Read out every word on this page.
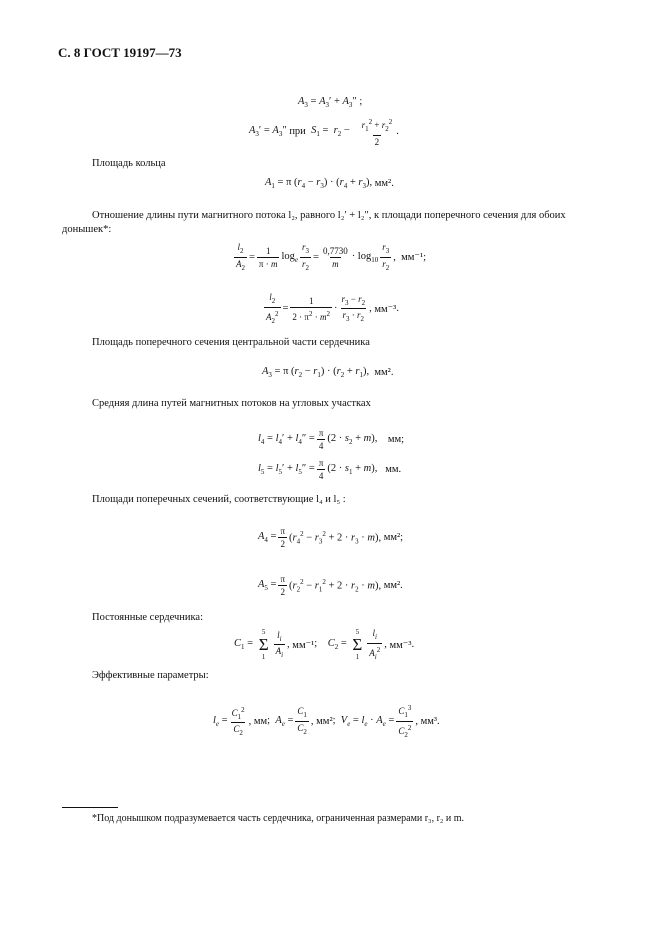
С. 8 ГОСТ 19197—73
$A_3 = A_3' + A_3''$ ;
$A_3' = A_3''$ при $S_1 = r_2 - \frac{r_1^2 + r_2^2}{2}$ .
Площадь кольца
$A_1 = \pi$ $(r_4 - r_3) \cdot (r_4 + r_3)$, мм² .
Отношение длины пути магнитного потока l₂, равного l₂′ + l₂″, к площади поперечного сечения для обоих
донышек*:
$\frac{l_2}{A_2} = \frac{1}{\pi \cdot m} \log_e \frac{r_3}{r_2} = \frac{0,7730}{m} \cdot \log_{10} \frac{r_3}{r_2}$ , мм⁻¹ ;
$\frac{l_2}{A_2^2} = \frac{1}{2 \cdot \pi^2 \cdot m^2} \cdot \frac{r_3 - r_2}{r_3 \cdot r_2}$ , мм⁻³ .
Площадь поперечного сечения центральной части сердечника
$A_3 = \pi$ $(r_2 - r_1) \cdot (r_2 + r_1)$, мм² .
Средняя длина путей магнитных потоков на угловых участках
$l_4 = l_4' + l_4'' = \frac{\pi}{4} (2 \cdot s_2 + m)$, мм ;
$l_5 = l_5' + l_5'' = \frac{\pi}{4} (2 \cdot s_1 + m)$, мм .
Площади поперечных сечений, соответствующие l₄ и l₅ :
$A_4 = \frac{\pi}{2} (r_4^2 - r_3^2 + 2 \cdot r_3 \cdot m)$, мм² ;
$A_5 = \frac{\pi}{2} (r_2^2 - r_1^2 + 2 \cdot r_2 \cdot m)$, мм² .
Постоянные сердечника:
$C_1$ =
5
Σ
$1 \frac{l_i}{A_i}$ , мм⁻¹ ;    $C_2$ =
5
Σ
$1 \frac{l_i}{A_i^2}$ , мм⁻³ .
Эффективные параметры:
$l_e = \frac{C_1^2}{C_2}$ , мм ;  $A_e = \frac{C_1}{C_2}$ , мм² ;  $V_e = l_e \cdot A_e = \frac{C_1^3}{C_2^2}$ , мм³ .
*Под донышком подразумевается часть сердечника, ограниченная размерами r₃, r₂ и m.
